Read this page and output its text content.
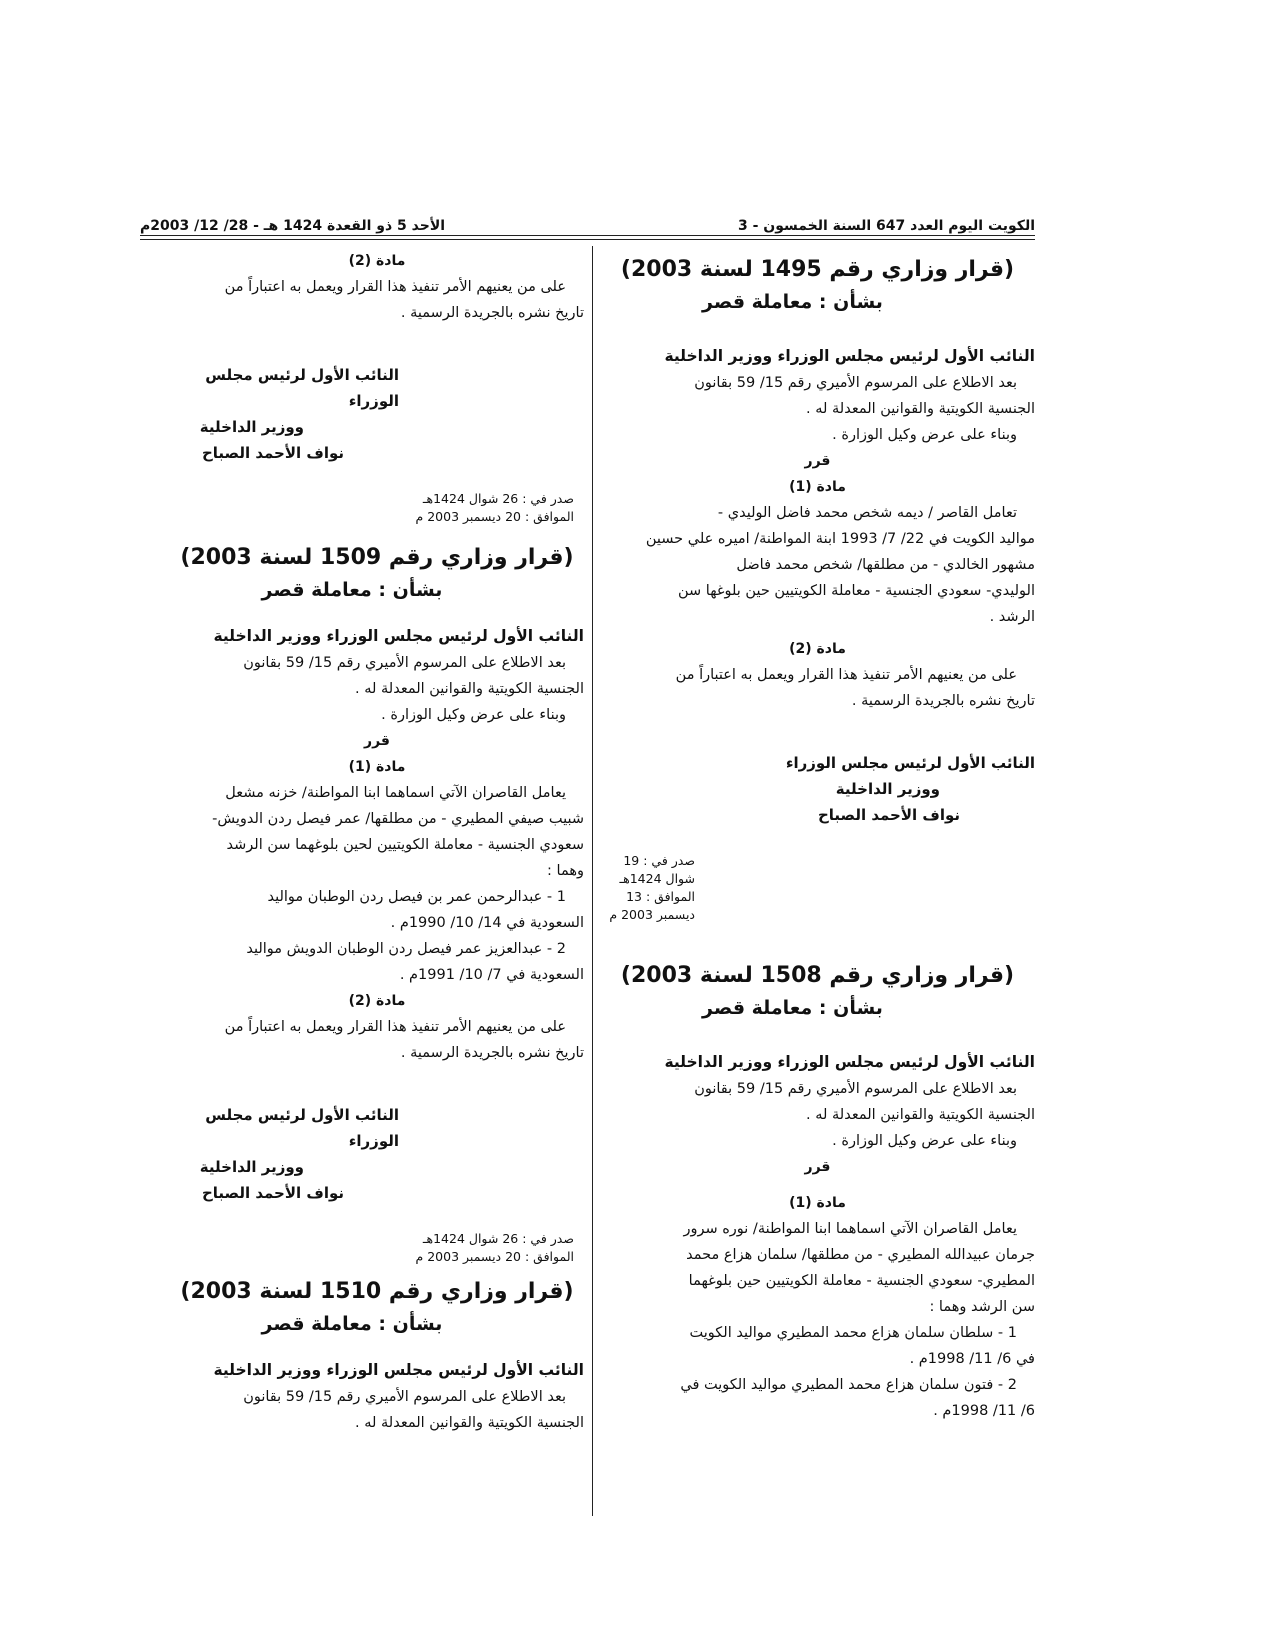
الكويت اليوم العدد 647 السنة الخمسون - 3
الأحد 5 ذو القعدة 1424 هـ - 28/ 12/ 2003م
(قرار وزاري رقم 1495 لسنة 2003)
بشأن : معاملة قصر
النائب الأول لرئيس مجلس الوزراء ووزير الداخلية
بعد الاطلاع على المرسوم الأميري رقم 15/ 59 بقانون
الجنسية الكويتية والقوانين المعدلة له .
وبناء على عرض وكيل الوزارة .
قرر
مادة (1)
تعامل القاصر / ديمه شخص محمد فاضل الوليدي -
مواليد الكويت في 22/ 7/ 1993 ابنة المواطنة/ اميره علي حسين
مشهور الخالدي - من مطلقها/ شخص محمد فاضل
الوليدي- سعودي الجنسية - معاملة الكويتيين حين بلوغها سن
الرشد .
مادة (2)
على من يعنيهم الأمر تنفيذ هذا القرار ويعمل به اعتباراً من
تاريخ نشره بالجريدة الرسمية .
النائب الأول لرئيس مجلس الوزراء
ووزير الداخلية
نواف الأحمد الصباح
صدر في : 19 شوال 1424هـ
الموافق : 13 ديسمبر 2003 م
(قرار وزاري رقم 1508 لسنة 2003)
بشأن : معاملة قصر
النائب الأول لرئيس مجلس الوزراء ووزير الداخلية
بعد الاطلاع على المرسوم الأميري رقم 15/ 59 بقانون
الجنسية الكويتية والقوانين المعدلة له .
وبناء على عرض وكيل الوزارة .
قرر
مادة (1)
يعامل القاصران الآتي اسماهما ابنا المواطنة/ نوره سرور
جرمان عبيدالله المطيري - من مطلقها/ سلمان هزاع محمد
المطيري- سعودي الجنسية - معاملة الكويتيين حين بلوغهما
سن الرشد وهما :
1 - سلطان سلمان هزاع محمد المطيري مواليد الكويت
في 6/ 11/ 1998م .
2 - فتون سلمان هزاع محمد المطيري مواليد الكويت في
6/ 11/ 1998م .
مادة (2)
على من يعنيهم الأمر تنفيذ هذا القرار ويعمل به اعتباراً من
تاريخ نشره بالجريدة الرسمية .
النائب الأول لرئيس مجلس الوزراء
ووزير الداخلية
نواف الأحمد الصباح
صدر في : 26 شوال 1424هـ
الموافق : 20 ديسمبر 2003 م
(قرار وزاري رقم 1509 لسنة 2003)
بشأن : معاملة قصر
النائب الأول لرئيس مجلس الوزراء ووزير الداخلية
بعد الاطلاع على المرسوم الأميري رقم 15/ 59 بقانون
الجنسية الكويتية والقوانين المعدلة له .
وبناء على عرض وكيل الوزارة .
قرر
مادة (1)
يعامل القاصران الآتي اسماهما ابنا المواطنة/ خزنه مشعل
شبيب صيفي المطيري - من مطلقها/ عمر فيصل ردن الدويش-
سعودي الجنسية - معاملة الكويتيين لحين بلوغهما سن الرشد
وهما :
1 - عبدالرحمن عمر بن فيصل ردن الوطبان مواليد
السعودية في 14/ 10/ 1990م .
2 - عبدالعزيز عمر فيصل ردن الوطبان الدويش مواليد
السعودية في 7/ 10/ 1991م .
مادة (2)
على من يعنيهم الأمر تنفيذ هذا القرار ويعمل به اعتباراً من
تاريخ نشره بالجريدة الرسمية .
النائب الأول لرئيس مجلس الوزراء
ووزير الداخلية
نواف الأحمد الصباح
صدر في : 26 شوال 1424هـ
الموافق : 20 ديسمبر 2003 م
(قرار وزاري رقم 1510 لسنة 2003)
بشأن : معاملة قصر
النائب الأول لرئيس مجلس الوزراء ووزير الداخلية
بعد الاطلاع على المرسوم الأميري رقم 15/ 59 بقانون
الجنسية الكويتية والقوانين المعدلة له .
